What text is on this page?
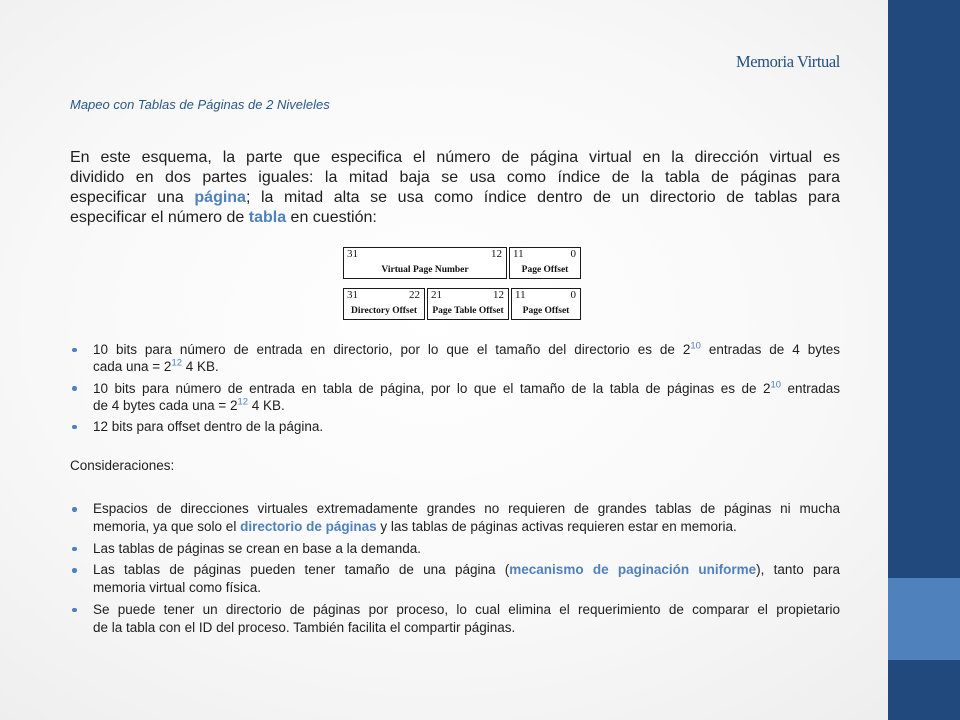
Memoria Virtual
Mapeo con Tablas de Páginas de 2 Niveleles
En este esquema, la parte que especifica el número de página virtual en la dirección virtual es
dividido en dos partes iguales: la mitad baja se usa como índice de la tabla de páginas para
especificar una página; la mitad alta se usa como índice dentro de un directorio de tablas para
especificar el número de tabla en cuestión:
31	12
Virtual Page Number
11	0
Page Offset
31	22
Directory Offset
21	12
Page Table Offset
11	0
Page Offset
10 bits para número de entrada en directorio, por lo que el tamaño del directorio es de $2^{10}$ entradas de 4 bytes
cada una = $2^{12}$ 4 KB.
10 bits para número de entrada en tabla de página, por lo que el tamaño de la tabla de páginas es de $2^{10}$ entradas
de 4 bytes cada una = $2^{12}$ 4 KB.
12 bits para offset dentro de la página.
Consideraciones:
Espacios de direcciones virtuales extremadamente grandes no requieren de grandes tablas de páginas ni mucha
memoria, ya que solo el directorio de páginas y las tablas de páginas activas requieren estar en memoria.
Las tablas de páginas se crean en base a la demanda.
Las tablas de páginas pueden tener tamaño de una página (mecanismo de paginación uniforme), tanto para
memoria virtual como física.
Se puede tener un directorio de páginas por proceso, lo cual elimina el requerimiento de comparar el propietario
de la tabla con el ID del proceso. También facilita el compartir páginas.
